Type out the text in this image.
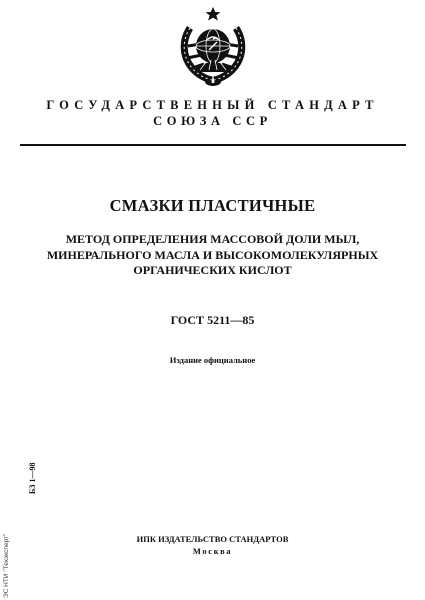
ГОСУДАРСТВЕННЫЙ СТАНДАРТ
СОЮЗА ССР
СМАЗКИ ПЛАСТИЧНЫЕ
МЕТОД ОПРЕДЕЛЕНИЯ МАССОВОЙ ДОЛИ МЫЛ,
МИНЕРАЛЬНОГО МАСЛА И ВЫСОКОМОЛЕКУЛЯРНЫХ
ОРГАНИЧЕСКИХ КИСЛОТ
ГОСТ 5211—85
Издание официальное
БЗ 1—98
ЭС НТИ "Техэксперт"	ИПК ИЗДАТЕЛЬСТВО СТАНДАРТОВ
Москва
